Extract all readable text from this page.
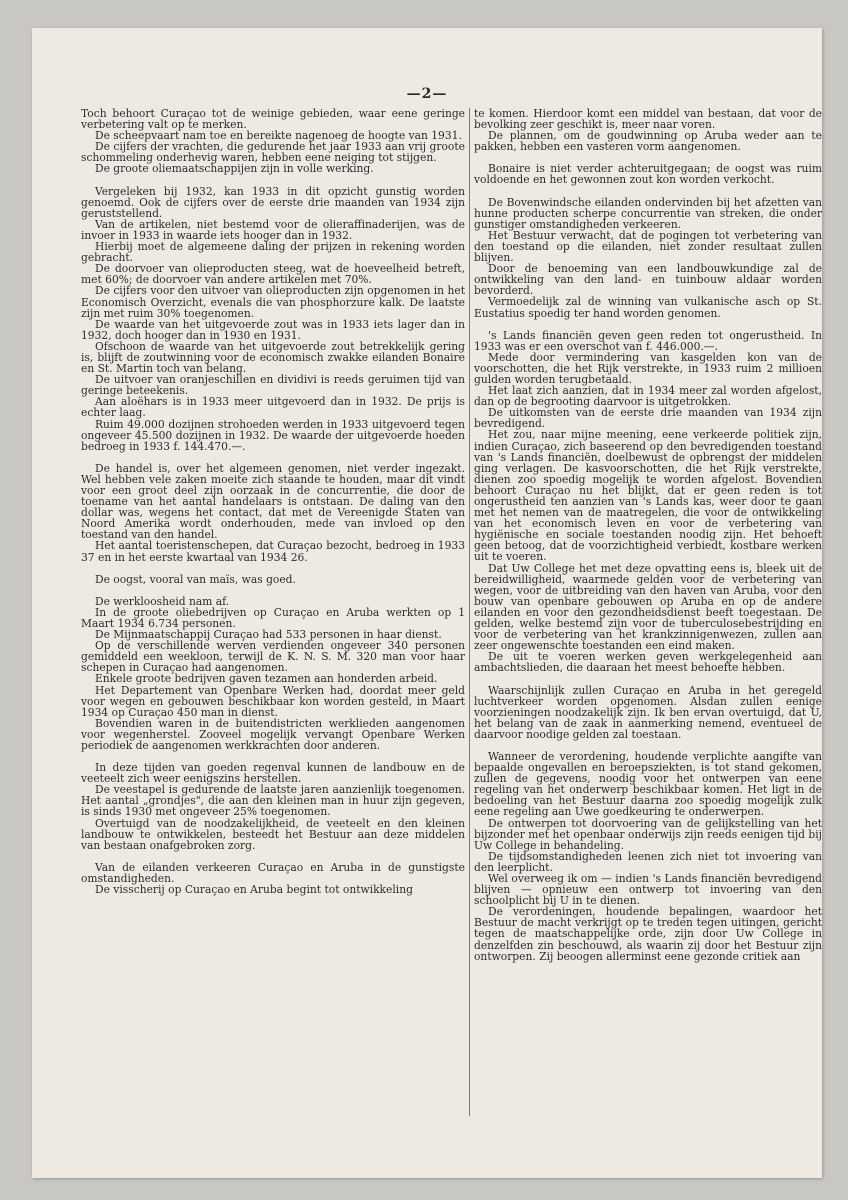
—2—

Toch behoort Curaçao tot de weinige gebieden, waar eene geringe verbetering valt op te merken.

De scheepvaart nam toe en bereikte nagenoeg de hoogte van 1931.

De cijfers der vrachten, die gedurende het jaar 1933 aan vrij groote schommeling onderhevig waren, hebben eene neiging tot stijgen.

De groote oliemaatschappijen zijn in volle werking.

Vergeleken bij 1932, kan 1933 in dit opzicht gunstig worden genoemd. Ook de cijfers over de eerste drie maanden van 1934 zijn geruststellend.

Van de artikelen, niet bestemd voor de olieraffinaderijen, was de invoer in 1933 in waarde iets hooger dan in 1932.

Hierbij moet de algemeene daling der prijzen in rekening worden gebracht.

De doorvoer van olieproducten steeg, wat de hoeveelheid betreft, met 60%; de doorvoer van andere artikelen met 70%.

De cijfers voor den uitvoer van olieproducten zijn opgenomen in het Economisch Overzicht, evenals die van phosphorzure kalk. De laatste zijn met ruim 30% toegenomen.

De waarde van het uitgevoerde zout was in 1933 iets lager dan in 1932, doch hooger dan in 1930 en 1931.

Ofschoon de waarde van het uitgevoerde zout betrekkelijk gering is, blijft de zoutwinning voor de economisch zwakke eilanden Bonaire en St. Martin toch van belang.

De uitvoer van oranjeschillen en dividivi is reeds geruimen tijd van geringe beteekenis.

Aan aloëhars is in 1933 meer uitgevoerd dan in 1932. De prijs is echter laag.

Ruim 49.000 dozijnen strohoeden werden in 1933 uitgevoerd tegen ongeveer 45.500 dozijnen in 1932. De waarde der uitgevoerde hoeden bedroeg in 1933 f. 144.470.—.

De handel is, over het algemeen genomen, niet verder ingezakt. Wel hebben vele zaken moeite zich staande te houden, maar dit vindt voor een groot deel zijn oorzaak in de concurrentie, die door de toename van het aantal handelaars is ontstaan. De daling van den dollar was, wegens het contact, dat met de Vereenigde Staten van Noord Amerika wordt onderhouden, mede van invloed op den toestand van den handel.

Het aantal toeristenschepen, dat Curaçao bezocht, bedroeg in 1933 37 en in het eerste kwartaal van 1934 26.

De oogst, vooral van maïs, was goed.

De werkloosheid nam af.

In de groote oliebedrijven op Curaçao en Aruba werkten op 1 Maart 1934 6.734 personen.

De Mijnmaatschappij Curaçao had 533 personen in haar dienst.

Op de verschillende werven verdienden ongeveer 340 personen gemiddeld een weekloon, terwijl de K. N. S. M. 320 man voor haar schepen in Curaçao had aangenomen.

Enkele groote bedrijven gaven tezamen aan honderden arbeid.

Het Departement van Openbare Werken had, doordat meer geld voor wegen en gebouwen beschikbaar kon worden gesteld, in Maart 1934 op Curaçao 450 man in dienst.

Bovendien waren in de buitendistricten werklieden aangenomen voor wegenherstel. Zooveel mogelijk vervangt Openbare Werken periodiek de aangenomen werkkrachten door anderen.

In deze tijden van goeden regenval kunnen de landbouw en de veeteelt zich weer eenigszins herstellen.

De veestapel is gedurende de laatste jaren aanzienlijk toegenomen. Het aantal „grondjes", die aan den kleinen man in huur zijn gegeven, is sinds 1930 met ongeveer 25% toegenomen.

Overtuigd van de noodzakelijkheid, de veeteelt en den kleinen landbouw te ontwikkelen, besteedt het Bestuur aan deze middelen van bestaan onafgebroken zorg.

Van de eilanden verkeeren Curaçao en Aruba in de gunstigste omstandigheden.

De visscherij op Curaçao en Aruba begint tot ontwikkeling

te komen. Hierdoor komt een middel van bestaan, dat voor de bevolking zeer geschikt is, meer naar voren.

De plannen, om de goudwinning op Aruba weder aan te pakken, hebben een vasteren vorm aangenomen.

Bonaire is niet verder achteruitgegaan; de oogst was ruim voldoende en het gewonnen zout kon worden verkocht.

De Bovenwindsche eilanden ondervinden bij het afzetten van hunne producten scherpe concurrentie van streken, die onder gunstiger omstandigheden verkeeren.

Het Bestuur verwacht, dat de pogingen tot verbetering van den toestand op die eilanden, niet zonder resultaat zullen blijven.

Door de benoeming van een landbouwkundige zal de ontwikkeling van den land- en tuinbouw aldaar worden bevorderd.

Vermoedelijk zal de winning van vulkanische asch op St. Eustatius spoedig ter hand worden genomen.

's Lands financiën geven geen reden tot ongerustheid. In 1933 was er een overschot van f. 446.000.—.

Mede door vermindering van kasgelden kon van de voorschotten, die het Rijk verstrekte, in 1933 ruim 2 millioen gulden worden terugbetaald.

Het laat zich aanzien, dat in 1934 meer zal worden afgelost, dan op de begrooting daarvoor is uitgetrokken.

De uitkomsten van de eerste drie maanden van 1934 zijn bevredigend.

Het zou, naar mijne meening, eene verkeerde politiek zijn, indien Curaçao, zich baseerend op den bevredigenden toestand van 's Lands financiën, doelbewust de opbrengst der middelen ging verlagen. De kasvoorschotten, die het Rijk verstrekte, dienen zoo spoedig mogelijk te worden afgelost. Bovendien behoort Curaçao nu het blijkt, dat er geen reden is tot ongerustheid ten aanzien van 's Lands kas, weer door te gaan met het nemen van de maatregelen, die voor de ontwikkeling van het economisch leven en voor de verbetering van hygiënische en sociale toestanden noodig zijn. Het behoeft geen betoog, dat de voorzichtigheid verbiedt, kostbare werken uit te voeren.

Dat Uw College het met deze opvatting eens is, bleek uit de bereidwilligheid, waarmede gelden voor de verbetering van wegen, voor de uitbreiding van den haven van Aruba, voor den bouw van openbare gebouwen op Aruba en op de andere eilanden en voor den gezondheidsdienst beeft toegestaan. De gelden, welke bestemd zijn voor de tuberculosebestrijding en voor de verbetering van het krankzinnigenwezen, zullen aan zeer ongewenschte toestanden een eind maken.

De uit te voeren werken geven werkgelegenheid aan ambachtslieden, die daaraan het meest behoefte hebben.

Waarschijnlijk zullen Curaçao en Aruba in het geregeld luchtverkeer worden opgenomen. Alsdan zullen eenige voorzieningen noodzakelijk zijn. Ik ben ervan overtuigd, dat U, het belang van de zaak in aanmerking nemend, eventueel de daarvoor noodige gelden zal toestaan.

Wanneer de verordening, houdende verplichte aangifte van bepaalde ongevallen en beroepsziekten, is tot stand gekomen, zullen de gegevens, noodig voor het ontwerpen van eene regeling van het onderwerp beschikbaar komen. Het ligt in de bedoeling van het Bestuur daarna zoo spoedig mogelijk zulk eene regeling aan Uwe goedkeuring te onderwerpen.

De ontwerpen tot doorvoering van de gelijkstelling van het bijzonder met het openbaar onderwijs zijn reeds eenigen tijd bij Uw College in behandeling.

De tijdsomstandigheden leenen zich niet tot invoering van den leerplicht.

Wel overweeg ik om — indien 's Lands financiën bevredigend blijven — opnieuw een ontwerp tot invoering van den schoolplicht bij U in te dienen.

De verordeningen, houdende bepalingen, waardoor het Bestuur de macht verkrijgt op te treden tegen uitingen, gericht tegen de maatschappelijke orde, zijn door Uw College in denzelfden zin beschouwd, als waarin zij door het Bestuur zijn ontworpen. Zij beoogen allerminst eene gezonde critiek aan
